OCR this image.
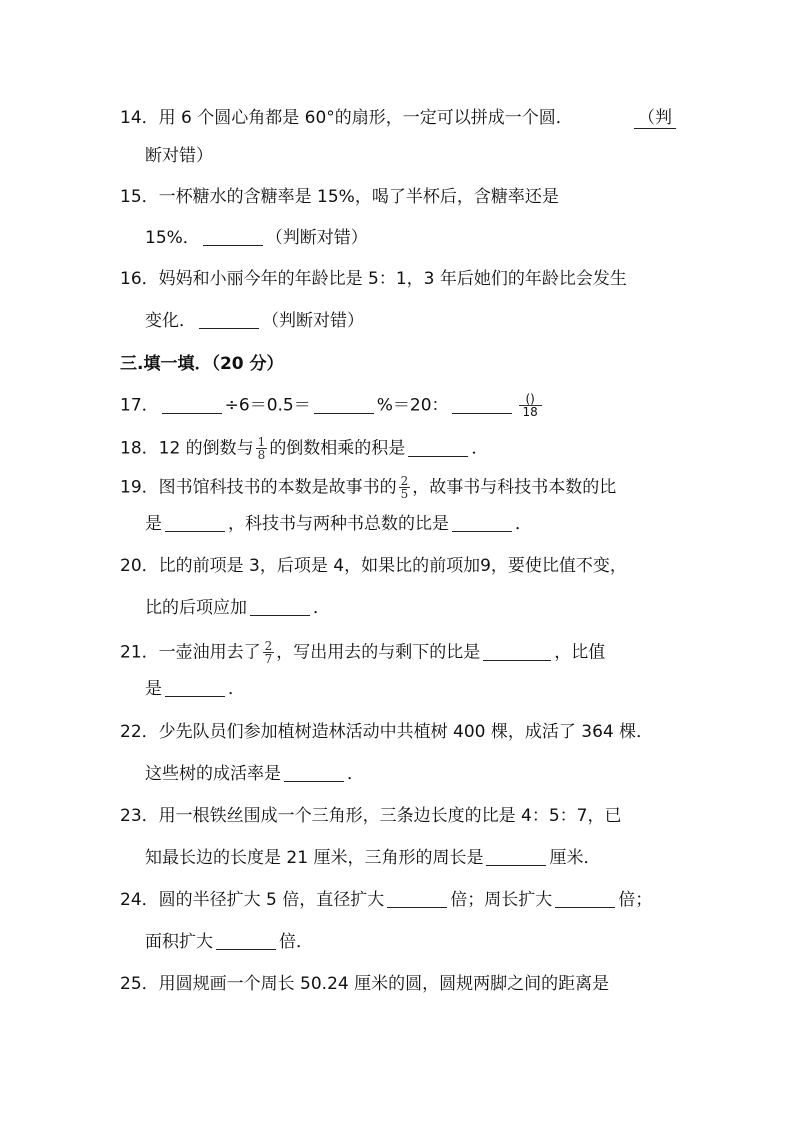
14．用 6 个圆心角都是 60°的扇形，一定可以拼成一个圆．	（判
断对错）
15．一杯糖水的含糖率是 15%，喝了半杯后，含糖率还是
15%．	（判断对错）
16．妈妈和小丽今年的年龄比是 5：1，3 年后她们的年龄比会发生
变化．	（判断对错）
三.填一填．（20 分）
17．	÷6＝0.5＝	%＝20：	$\frac{()}{18}$
18．12 的倒数与 $\frac{1}{8}$ 的倒数相乘的积是	．
19．图书馆科技书的本数是故事书的 $\frac{2}{5}$ ，故事书与科技书本数的比
是	，科技书与两种书总数的比是	．
20．比的前项是 3，后项是 4，如果比的前项加9，要使比值不变，
比的后项应加	．
21．一壶油用去了 $\frac{2}{7}$ ，写出用去的与剩下的比是	，比值
是	．
22．少先队员们参加植树造林活动中共植树 400 棵，成活了 364 棵．
这些树的成活率是	．
23．用一根铁丝围成一个三角形，三条边长度的比是 4：5：7，已
知最长边的长度是 21 厘米，三角形的周长是	厘米．
24．圆的半径扩大 5 倍，直径扩大	倍；周长扩大	倍；
面积扩大	倍．
25．用圆规画一个周长 50.24 厘米的圆，圆规两脚之间的距离是
